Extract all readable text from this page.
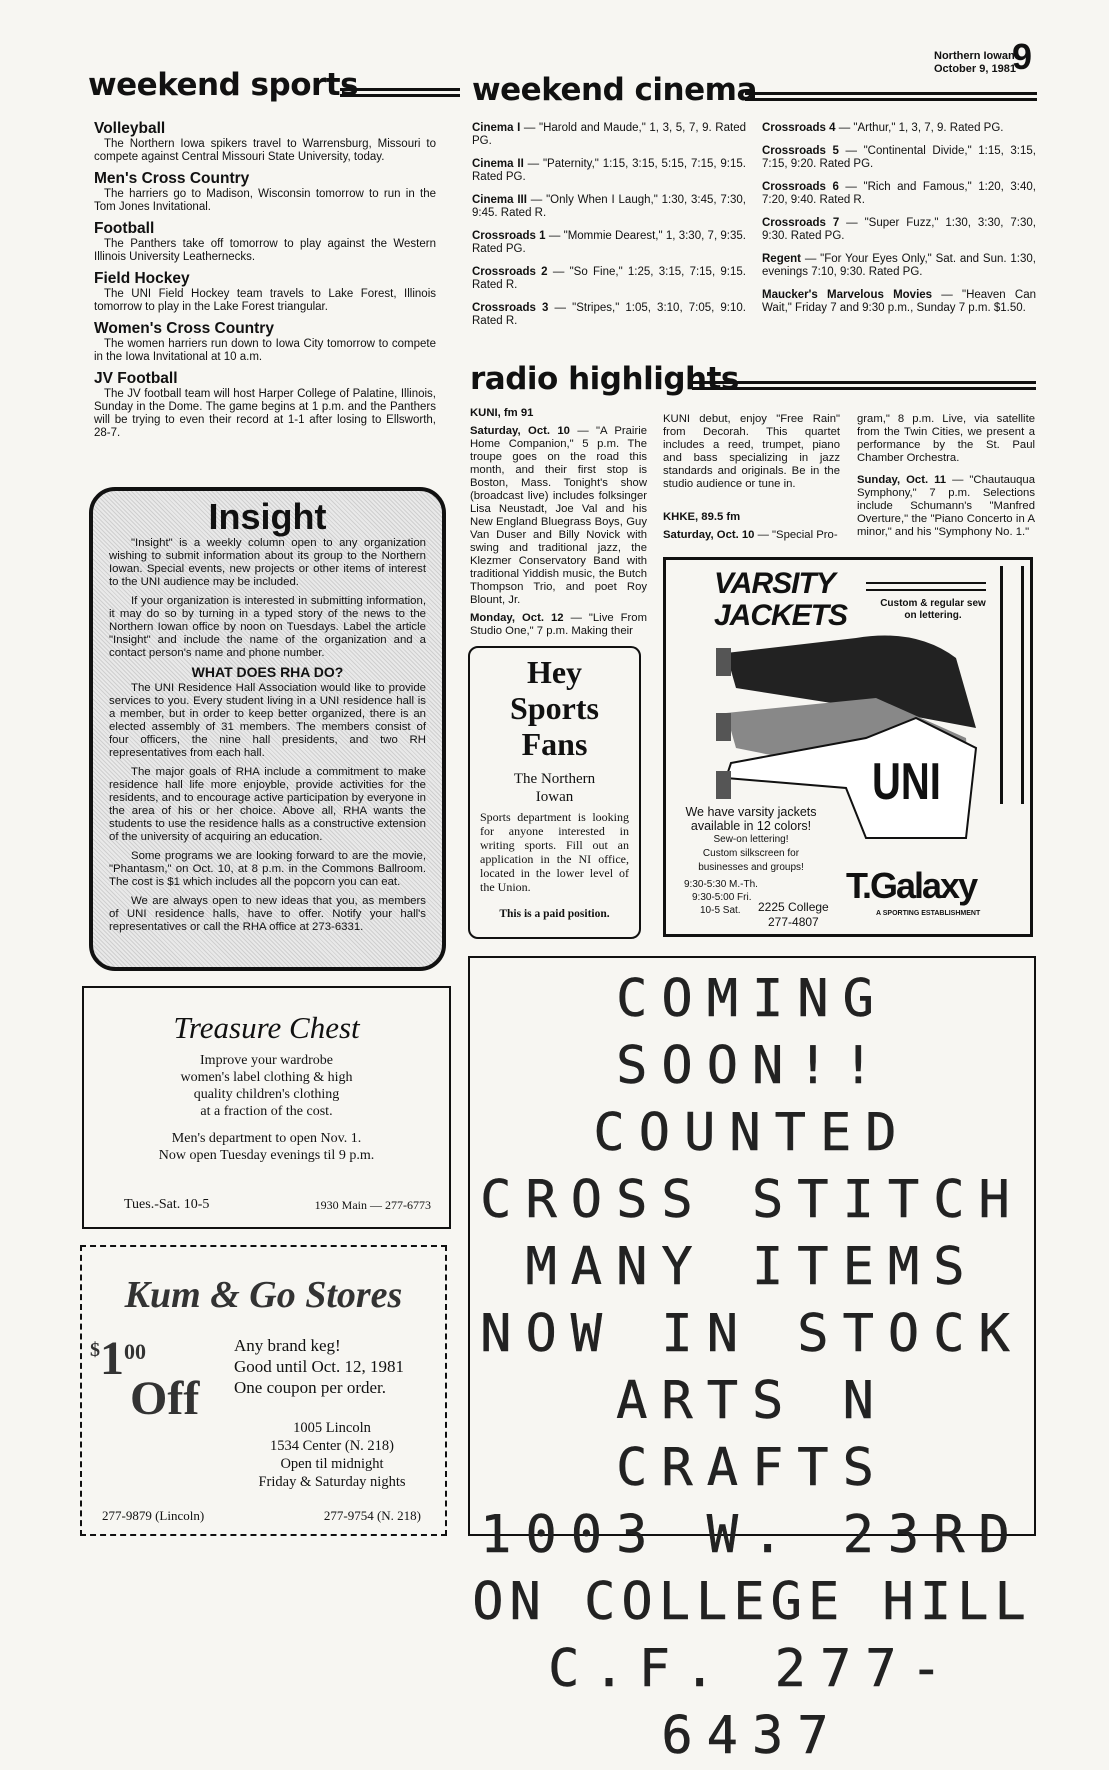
Northern Iowan
October 9, 1981
9
weekend sports
Volleyball

The Northern Iowa spikers travel to Warrensburg, Missouri to compete against Central Missouri State University, today.

Men's Cross Country

The harriers go to Madison, Wisconsin tomorrow to run in the Tom Jones Invitational.

Football

The Panthers take off tomorrow to play against the Western Illinois University Leathernecks.

Field Hockey

The UNI Field Hockey team travels to Lake Forest, Illinois tomorrow to play in the Lake Forest triangular.

Women's Cross Country

The women harriers run down to Iowa City tomorrow to compete in the Iowa Invitational at 10 a.m.

JV Football

The JV football team will host Harper College of Palatine, Illinois, Sunday in the Dome. The game begins at 1 p.m. and the Panthers will be trying to even their record at 1-1 after losing to Ellsworth, 28-7.

weekend cinema

Cinema I — "Harold and Maude," 1, 3, 5, 7, 9. Rated PG.

Cinema II — "Paternity," 1:15, 3:15, 5:15, 7:15, 9:15. Rated PG.

Cinema III — "Only When I Laugh," 1:30, 3:45, 7:30, 9:45. Rated R.

Crossroads 1 — "Mommie Dearest," 1, 3:30, 7, 9:35. Rated PG.

Crossroads 2 — "So Fine," 1:25, 3:15, 7:15, 9:15. Rated R.

Crossroads 3 — "Stripes," 1:05, 3:10, 7:05, 9:10. Rated R.

Crossroads 4 — "Arthur," 1, 3, 7, 9. Rated PG.

Crossroads 5 — "Continental Divide," 1:15, 3:15, 7:15, 9:20. Rated PG.

Crossroads 6 — "Rich and Famous," 1:20, 3:40, 7:20, 9:40. Rated R.

Crossroads 7 — "Super Fuzz," 1:30, 3:30, 7:30, 9:30. Rated PG.

Regent — "For Your Eyes Only," Sat. and Sun. 1:30, evenings 7:10, 9:30. Rated PG.

Maucker's Marvelous Movies — "Heaven Can Wait," Friday 7 and 9:30 p.m., Sunday 7 p.m. $1.50.

radio highlights

KUNI, fm 91

Saturday, Oct. 10 — "A Prairie Home Companion," 5 p.m. The troupe goes on the road this month, and their first stop is Boston, Mass. Tonight's show (broadcast live) includes folksinger Lisa Neustadt, Joe Val and his New England Bluegrass Boys, Guy Van Duser and Billy Novick with swing and traditional jazz, the Klezmer Conservatory Band with traditional Yiddish music, the Butch Thompson Trio, and poet Roy Blount, Jr.

Monday, Oct. 12 — "Live From Studio One," 7 p.m. Making their

KUNI debut, enjoy "Free Rain" from Decorah. This quartet includes a reed, trumpet, piano and bass specializing in jazz standards and originals. Be in the studio audience or tune in.

KHKE, 89.5 fm

Saturday, Oct. 10 — "Special Pro-

gram," 8 p.m. Live, via satellite from the Twin Cities, we present a performance by the St. Paul Chamber Orchestra.

Sunday, Oct. 11 — "Chautauqua Symphony," 7 p.m. Selections include Schumann's "Manfred Overture," the "Piano Concerto in A minor," and his "Symphony No. 1."

Insight

"Insight" is a weekly column open to any organization wishing to submit information about its group to the Northern Iowan. Special events, new projects or other items of interest to the UNI audience may be included.

If your organization is interested in submitting information, it may do so by turning in a typed story of the news to the Northern Iowan office by noon on Tuesdays. Label the article "Insight" and include the name of the organization and a contact person's name and phone number.

WHAT DOES RHA DO?

The UNI Residence Hall Association would like to provide services to you. Every student living in a UNI residence hall is a member, but in order to keep better organized, there is an elected assembly of 31 members. The members consist of four officers, the nine hall presidents, and two RH representatives from each hall.

The major goals of RHA include a commitment to make residence hall life more enjoyble, provide activities for the residents, and to encourage active participation by everyone in the area of his or her choice. Above all, RHA wants the students to use the residence halls as a constructive extension of the university of acquiring an education.

Some programs we are looking forward to are the movie, "Phantasm," on Oct. 10, at 8 p.m. in the Commons Ballroom. The cost is $1 which includes all the popcorn you can eat.

We are always open to new ideas that you, as members of UNI residence halls, have to offer. Notify your hall's representatives or call the RHA office at 273-6331.

Treasure Chest
Improve your wardrobe
women's label clothing & high
quality children's clothing
at a fraction of the cost.
Men's department to open Nov. 1.
Now open Tuesday evenings til 9 p.m.
Tues.-Sat. 10-5	1930 Main — 277-6773
Kum & Go Stores
$100
Off
Any brand keg!
Good until Oct. 12, 1981
One coupon per order.
1005 Lincoln
1534 Center (N. 218)
Open til midnight
Friday & Saturday nights
277-9879 (Lincoln)	277-9754 (N. 218)
Hey
Sports
Fans
The Northern
Iowan
Sports department is looking for anyone interested in writing sports. Fill out an application in the NI office, located in the lower level of the Union.
This is a paid position.
VARSITY
JACKETS	Custom & regular sew on lettering.
UNI
We have varsity jackets
available in 12 colors!
Sew-on lettering!
Custom silkscreen for
businesses and groups!
9:30-5:30 M.-Th.
9:30-5:00 Fri.
10-5 Sat.	2225 College
277-4807
T.Galaxy
A SPORTING ESTABLISHMENT
COMING SOON!!
COUNTED
CROSS STITCH
MANY ITEMS
NOW IN STOCK
ARTS N CRAFTS
1003 W. 23RD
ON COLLEGE HILL
C.F. 277-6437
